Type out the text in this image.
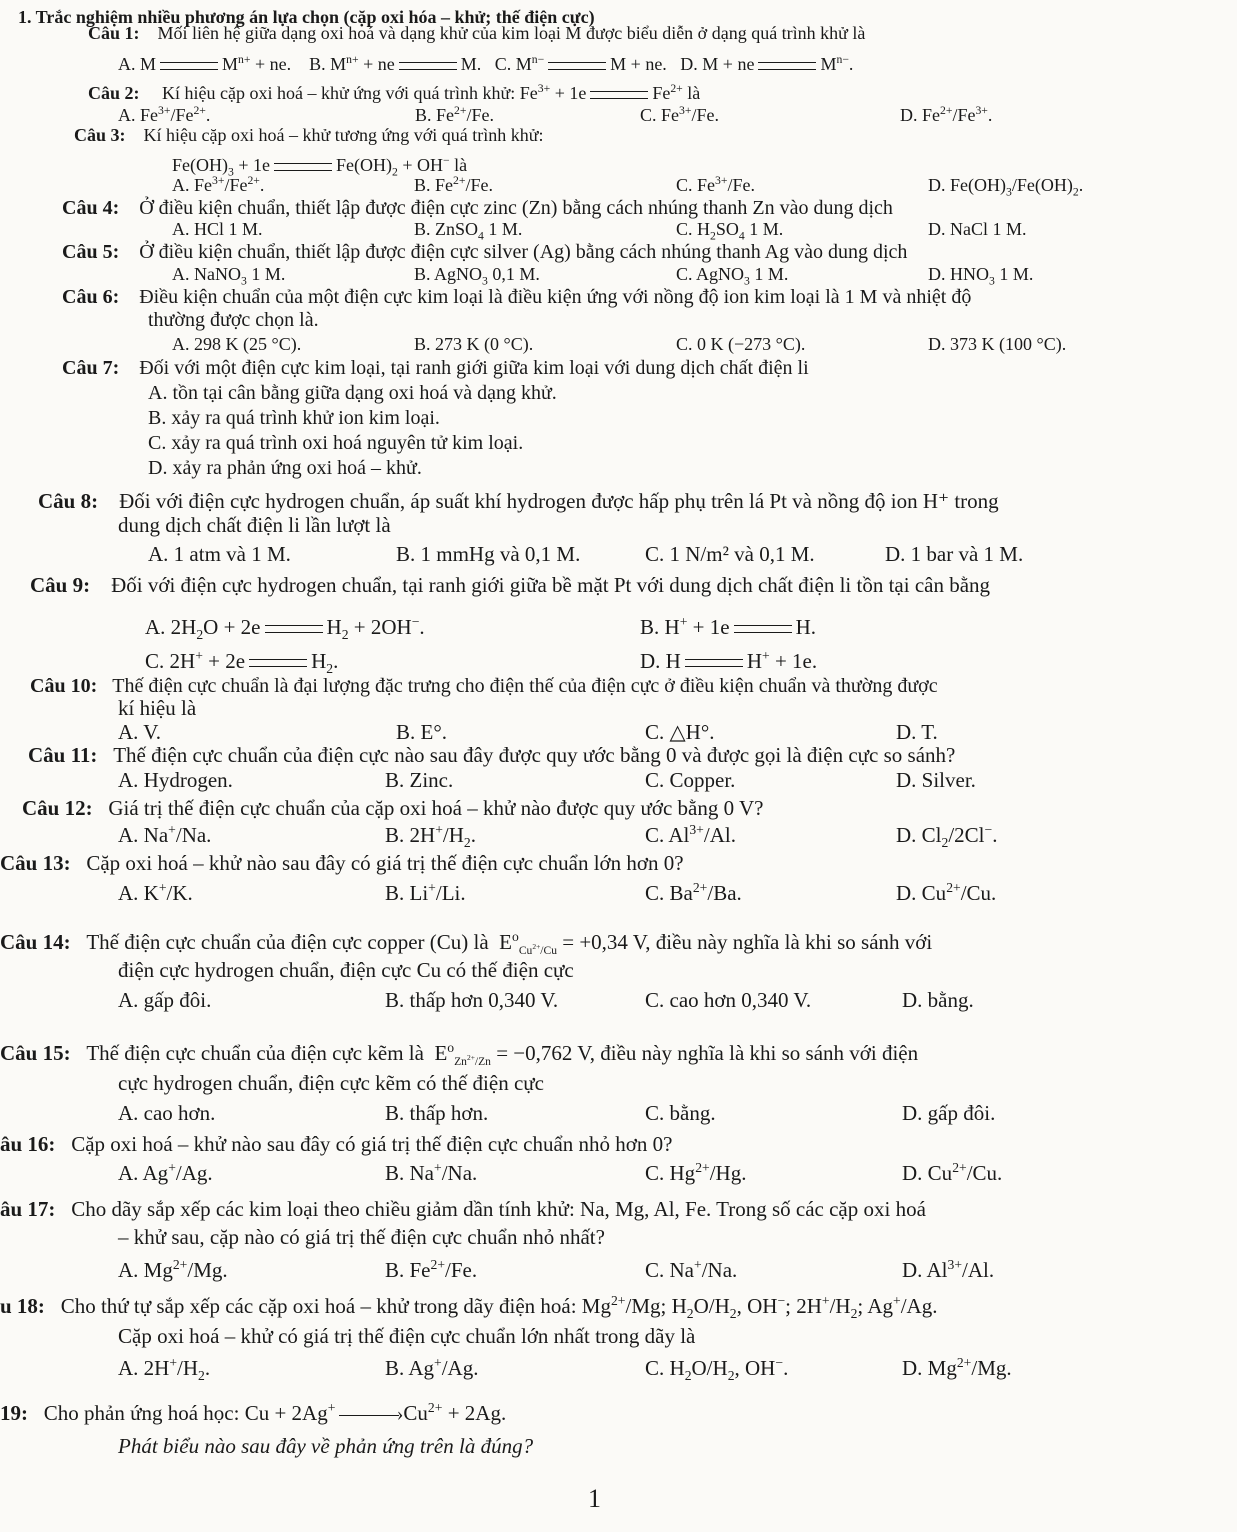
1. Trắc nghiệm nhiều phương án lựa chọn (cặp oxi hóa – khử; thế điện cực)
Câu 1: Mối liên hệ giữa dạng oxi hoá và dạng khử của kim loại M được biểu diễn ở dạng quá trình khử là
A. M	$M^{n+}$ + ne.    B. $M^{n+}$ + ne	M.   C. $M^{n-}$	M + ne.   D. M + ne	$M^{n-}$.
Câu 2: Kí hiệu cặp oxi hoá – khử ứng với quá trình khử: $Fe^{3+} + 1e$	$Fe^{2+}$ là
A. $Fe^{3+}/Fe^{2+}$.	B. $Fe^{2+}/Fe$.	C. $Fe^{3+}/Fe$.	D. $Fe^{2+}/Fe^{3+}$.
Câu 3: Kí hiệu cặp oxi hoá – khử tương ứng với quá trình khử:
$Fe(OH)_3 + 1e$	$Fe(OH)_2 + OH^-$ là
A. $Fe^{3+}/Fe^{2+}$.	B. $Fe^{2+}/Fe$.	C. $Fe^{3+}/Fe$.	D. $Fe(OH)_3/Fe(OH)_2$.
Câu 4: Ở điều kiện chuẩn, thiết lập được điện cực zinc (Zn) bằng cách nhúng thanh Zn vào dung dịch
A. HCl 1 M.	B. ZnSO$_4$ 1 M.	C. $H_2SO_4$ 1 M.	D. NaCl 1 M.
Câu 5: Ở điều kiện chuẩn, thiết lập được điện cực silver (Ag) bằng cách nhúng thanh Ag vào dung dịch
A. NaNO$_3$ 1 M.	B. AgNO$_3$ 0,1 M.	C. AgNO$_3$ 1 M.	D. $HNO_3$ 1 M.
Câu 6: Điều kiện chuẩn của một điện cực kim loại là điều kiện ứng với nồng độ ion kim loại là 1 M và nhiệt độ
thường được chọn là.
A. 298 K (25 °C).	B. 273 K (0 °C).	C. 0 K (−273 °C).	D. 373 K (100 °C).
Câu 7: Đối với một điện cực kim loại, tại ranh giới giữa kim loại với dung dịch chất điện li
A. tồn tại cân bằng giữa dạng oxi hoá và dạng khử.
B. xảy ra quá trình khử ion kim loại.
C. xảy ra quá trình oxi hoá nguyên tử kim loại.
D. xảy ra phản ứng oxi hoá – khử.
Câu 8: Đối với điện cực hydrogen chuẩn, áp suất khí hydrogen được hấp phụ trên lá Pt và nồng độ ion H⁺ trong
dung dịch chất điện li lần lượt là
A. 1 atm và 1 M.	B. 1 mmHg và 0,1 M.	C. 1 N/m² và 0,1 M.	D. 1 bar và 1 M.
Câu 9: Đối với điện cực hydrogen chuẩn, tại ranh giới giữa bề mặt Pt với dung dịch chất điện li tồn tại cân bằng
A. $2H_2O + 2e$	$H_2 + 2OH^-$.	B. H+ + 1e	H.
C. 2H+ + 2e	$H_2$.	D. H	H+ + 1e.
Câu 10: Thế điện cực chuẩn là đại lượng đặc trưng cho điện thế của điện cực ở điều kiện chuẩn và thường được
kí hiệu là
A. V.	B. E°.	C. △H°.	D. T.
Câu 11: Thế điện cực chuẩn của điện cực nào sau đây được quy ước bằng 0 và được gọi là điện cực so sánh?
A. Hydrogen.	B. Zinc.	C. Copper.	D. Silver.
Câu 12: Giá trị thế điện cực chuẩn của cặp oxi hoá – khử nào được quy ước bằng 0 V?
A. Na+/Na.	B. $2H^+/H_2$.	C. $Al^{3+}/Al$.	D. $Cl_2/2Cl^-$.
Câu 13: Cặp oxi hoá – khử nào sau đây có giá trị thế điện cực chuẩn lớn hơn 0?
A. K+/K.	B. Li+/Li.	C. $Ba^{2+}/Ba$.	D. $Cu^{2+}/Cu$.
Câu 14: Thế điện cực chuẩn của điện cực copper (Cu) là  $E^o_{Cu^{2+}/Cu} = +0,34$ V, điều này nghĩa là khi so sánh với
điện cực hydrogen chuẩn, điện cực Cu có thế điện cực
A. gấp đôi.	B. thấp hơn 0,340 V.	C. cao hơn 0,340 V.	D. bằng.
Câu 15: Thế điện cực chuẩn của điện cực kẽm là  $E^o_{Zn^{2+}/Zn} = -0,762$ V, điều này nghĩa là khi so sánh với điện
cực hydrogen chuẩn, điện cực kẽm có thế điện cực
A. cao hơn.	B. thấp hơn.	C. bằng.	D. gấp đôi.
âu 16: Cặp oxi hoá – khử nào sau đây có giá trị thế điện cực chuẩn nhỏ hơn 0?
A. Ag+/Ag.	B. Na+/Na.	C. $Hg^{2+}/Hg$.	D. $Cu^{2+}/Cu$.
âu 17: Cho dãy sắp xếp các kim loại theo chiều giảm dần tính khử: Na, Mg, Al, Fe. Trong số các cặp oxi hoá
– khử sau, cặp nào có giá trị thế điện cực chuẩn nhỏ nhất?
A. $Mg^{2+}/Mg$.	B. $Fe^{2+}/Fe$.	C. Na+/Na.	D. $Al^{3+}/Al$.
u 18: Cho thứ tự sắp xếp các cặp oxi hoá – khử trong dãy điện hoá: $Mg^{2+}/Mg$; $H_2O/H_2$, OH−; $2H^+/H_2$; Ag+/Ag.
Cặp oxi hoá – khử có giá trị thế điện cực chuẩn lớn nhất trong dãy là
A. $2H^+/H_2$.	B. Ag+/Ag.	C. $H_2O/H_2$, OH−.	D. $Mg^{2+}/Mg$.
19: Cho phản ứng hoá học: Cu + 2Ag+›	$Cu^{2+} + 2Ag$.
Phát biểu nào sau đây về phản ứng trên là đúng?
1
